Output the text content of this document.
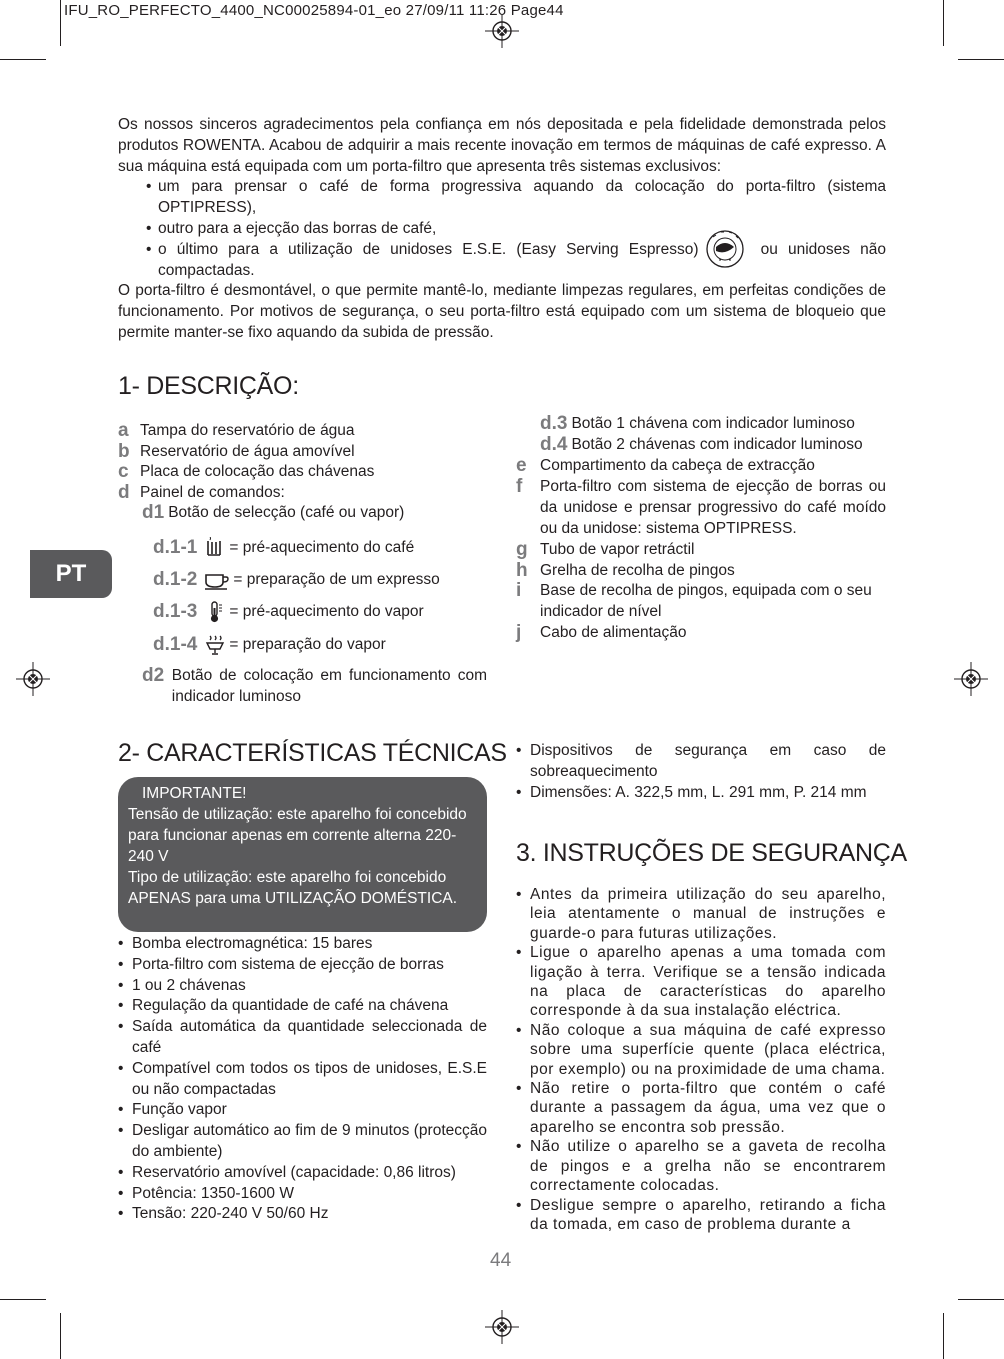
IFU_RO_PERFECTO_4400_NC00025894-01_eo 27/09/11 11:26 Page44

Os nossos sinceros agradecimentos pela confiança em nós depositada e pela fidelidade demonstrada pelos produtos ROWENTA. Acabou de adquirir a mais recente inovação em termos de máquinas de café expresso. A sua máquina está equipada com um porta-filtro que apresenta três sistemas exclusivos:

• um para prensar o café de forma progressiva aquando da colocação do porta-filtro (sistema OPTIPRESS),
• outro para a ejecção das borras de café,
• o último para a utilização de unidoses E.S.E. (Easy Serving Espresso)	ou unidoses não compactadas.

O porta-filtro é desmontável, o que permite mantê-lo, mediante limpezas regulares, em perfeitas condições de funcionamento. Por motivos de segurança, o seu porta-filtro está equipado com um sistema de bloqueio que permite manter-se fixo aquando da subida de pressão.

1- DESCRIÇÃO:
PT
a Tampa do reservatório de água
b Reservatório de água amovível
c Placa de colocação das chávenas
d Painel de comandos:
d1 Botão de selecção (café ou vapor)
d.1-1 = pré-aquecimento do café
d.1-2 = preparação de um expresso
d.1-3 = pré-aquecimento do vapor
d.1-4 = preparação do vapor
d2 Botão de colocação em funcionamento com indicador luminoso
d.3 Botão 1 chávena com indicador luminoso
d.4 Botão 2 chávenas com indicador luminoso
e Compartimento da cabeça de extracção
f	Porta-filtro com sistema de ejecção de borras ou da unidose e prensar progressivo do café moído ou da unidose: sistema OPTIPRESS.
g Tubo de vapor retráctil
h Grelha de recolha de pingos
i	Base de recolha de pingos, equipada com o seu indicador de nível
j	Cabo de alimentação
2- CARACTERÍSTICAS TÉCNICAS
IMPORTANTE!
Tensão de utilização: este aparelho foi concebido para funcionar apenas em corrente alterna 220-240 V
Tipo de utilização: este aparelho foi concebido APENAS para uma UTILIZAÇÃO DOMÉSTICA.
• Bomba electromagnética: 15 bares
• Porta-filtro com sistema de ejecção de borras
• 1 ou 2 chávenas
• Regulação da quantidade de café na chávena
• Saída automática da quantidade seleccionada de café
• Compatível com todos os tipos de unidoses, E.S.E ou não compactadas
• Função vapor
• Desligar automático ao fim de 9 minutos (protecção do ambiente)
• Reservatório amovível (capacidade: 0,86 litros)
• Potência: 1350-1600 W
• Tensão: 220-240 V 50/60 Hz
• Dispositivos de segurança em caso de sobreaquecimento
• Dimensões: A. 322,5 mm, L. 291 mm, P. 214 mm
3. INSTRUÇÕES DE SEGURANÇA
• Antes da primeira utilização do seu aparelho, leia atentamente o manual de instruções e guarde-o para futuras utilizações.
• Ligue o aparelho apenas a uma tomada com ligação à terra. Verifique se a tensão indicada na placa de características do aparelho corresponde à da sua instalação eléctrica.
• Não coloque a sua máquina de café expresso sobre uma superfície quente (placa eléctrica, por exemplo) ou na proximidade de uma chama.
• Não retire o porta-filtro que contém o café durante a passagem da água, uma vez que o aparelho se encontra sob pressão.
• Não utilize o aparelho se a gaveta de recolha de pingos e a grelha não se encontrarem correctamente colocadas.
• Desligue sempre o aparelho, retirando a ficha da tomada, em caso de problema durante a
44
